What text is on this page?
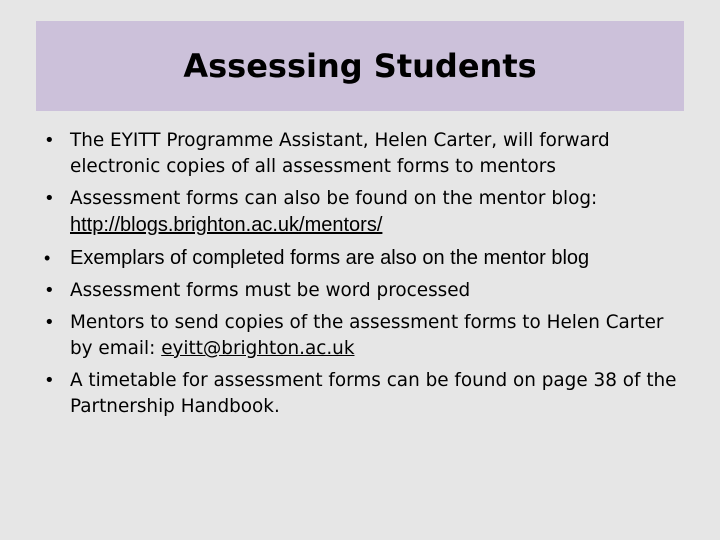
Assessing Students
• The EYITT Programme Assistant, Helen Carter, will forward electronic copies of all assessment forms to mentors
• Assessment forms can also be found on the mentor blog:
http://blogs.brighton.ac.uk/mentors/
• Exemplars of completed forms are also on the mentor blog
• Assessment forms must be word processed
• Mentors to send copies of the assessment forms to Helen Carter by email: eyitt@brighton.ac.uk
• A timetable for assessment forms can be found on page 38 of the Partnership Handbook.
